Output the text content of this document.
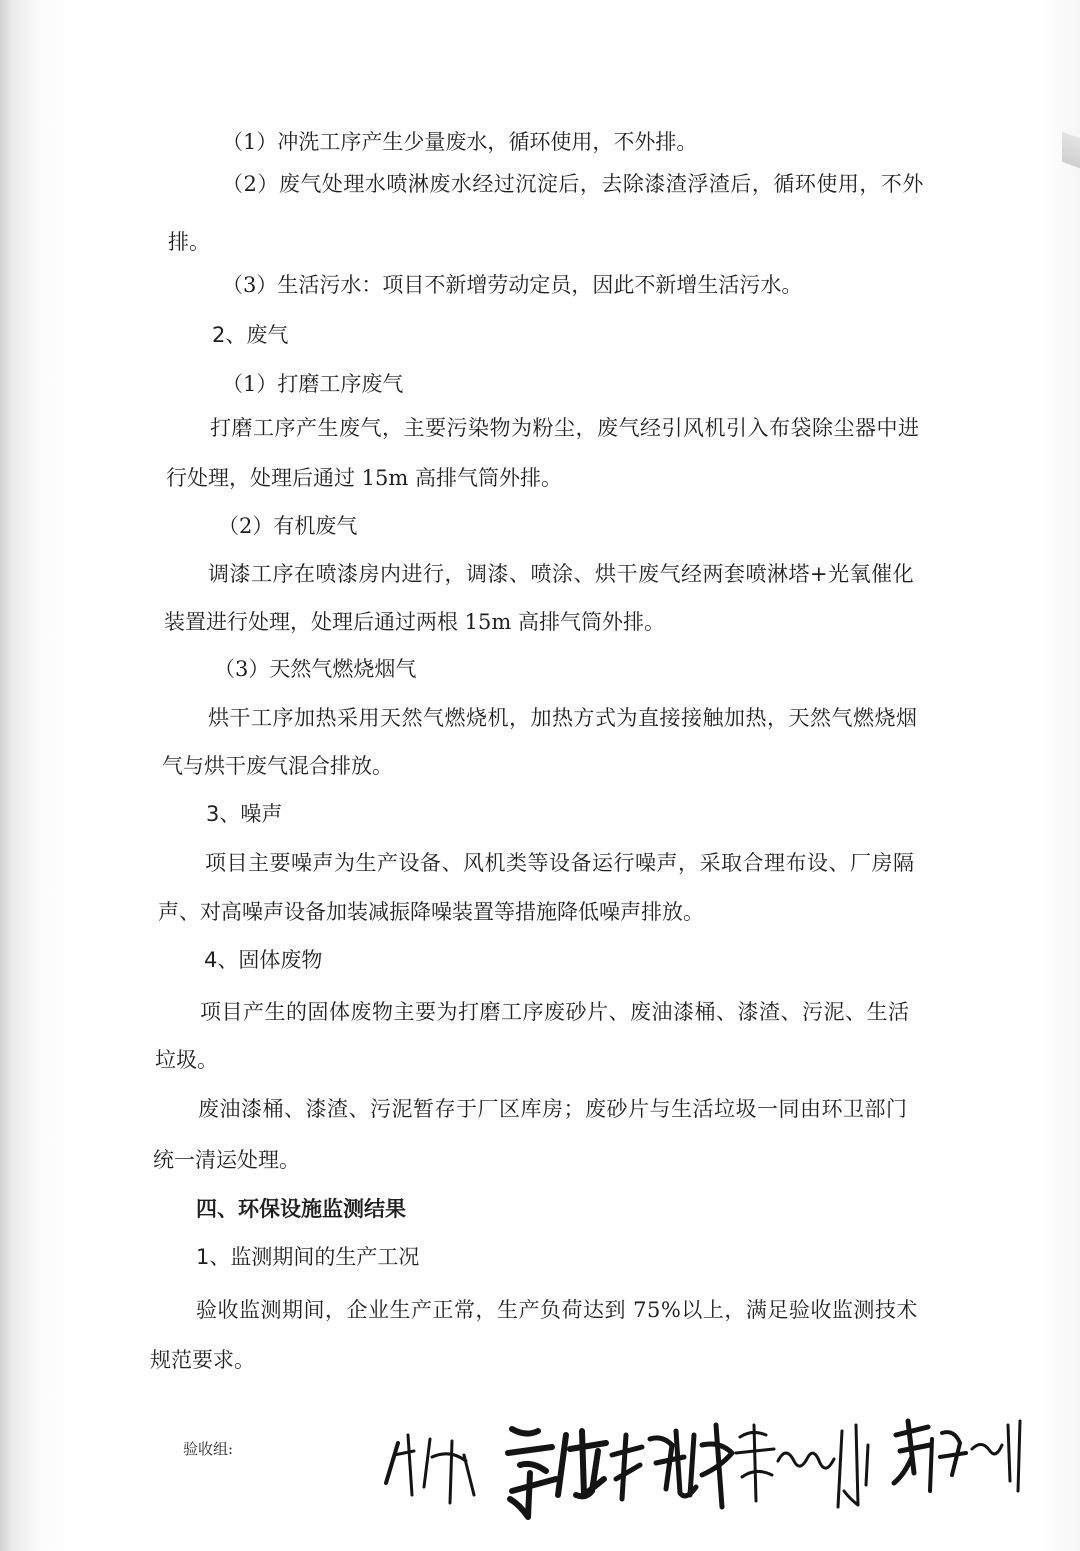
（1）冲洗工序产生少量废水，循环使用，不外排。
（2）废气处理水喷淋废水经过沉淀后，去除漆渣浮渣后，循环使用，不外
排。
（3）生活污水：项目不新增劳动定员，因此不新增生活污水。
2、废气
（1）打磨工序废气
打磨工序产生废气，主要污染物为粉尘，废气经引风机引入布袋除尘器中进
行处理，处理后通过 15m 高排气筒外排。
（2）有机废气
调漆工序在喷漆房内进行，调漆、喷涂、烘干废气经两套喷淋塔+光氧催化
装置进行处理，处理后通过两根 15m 高排气筒外排。
（3）天然气燃烧烟气
烘干工序加热采用天然气燃烧机，加热方式为直接接触加热，天然气燃烧烟
气与烘干废气混合排放。
3、噪声
项目主要噪声为生产设备、风机类等设备运行噪声，采取合理布设、厂房隔
声、对高噪声设备加装减振降噪装置等措施降低噪声排放。
4、固体废物
项目产生的固体废物主要为打磨工序废砂片、废油漆桶、漆渣、污泥、生活
垃圾。
废油漆桶、漆渣、污泥暂存于厂区库房；废砂片与生活垃圾一同由环卫部门
统一清运处理。
四、环保设施监测结果
1、监测期间的生产工况
验收监测期间，企业生产正常，生产负荷达到 75%以上，满足验收监测技术
规范要求。
验收组:
